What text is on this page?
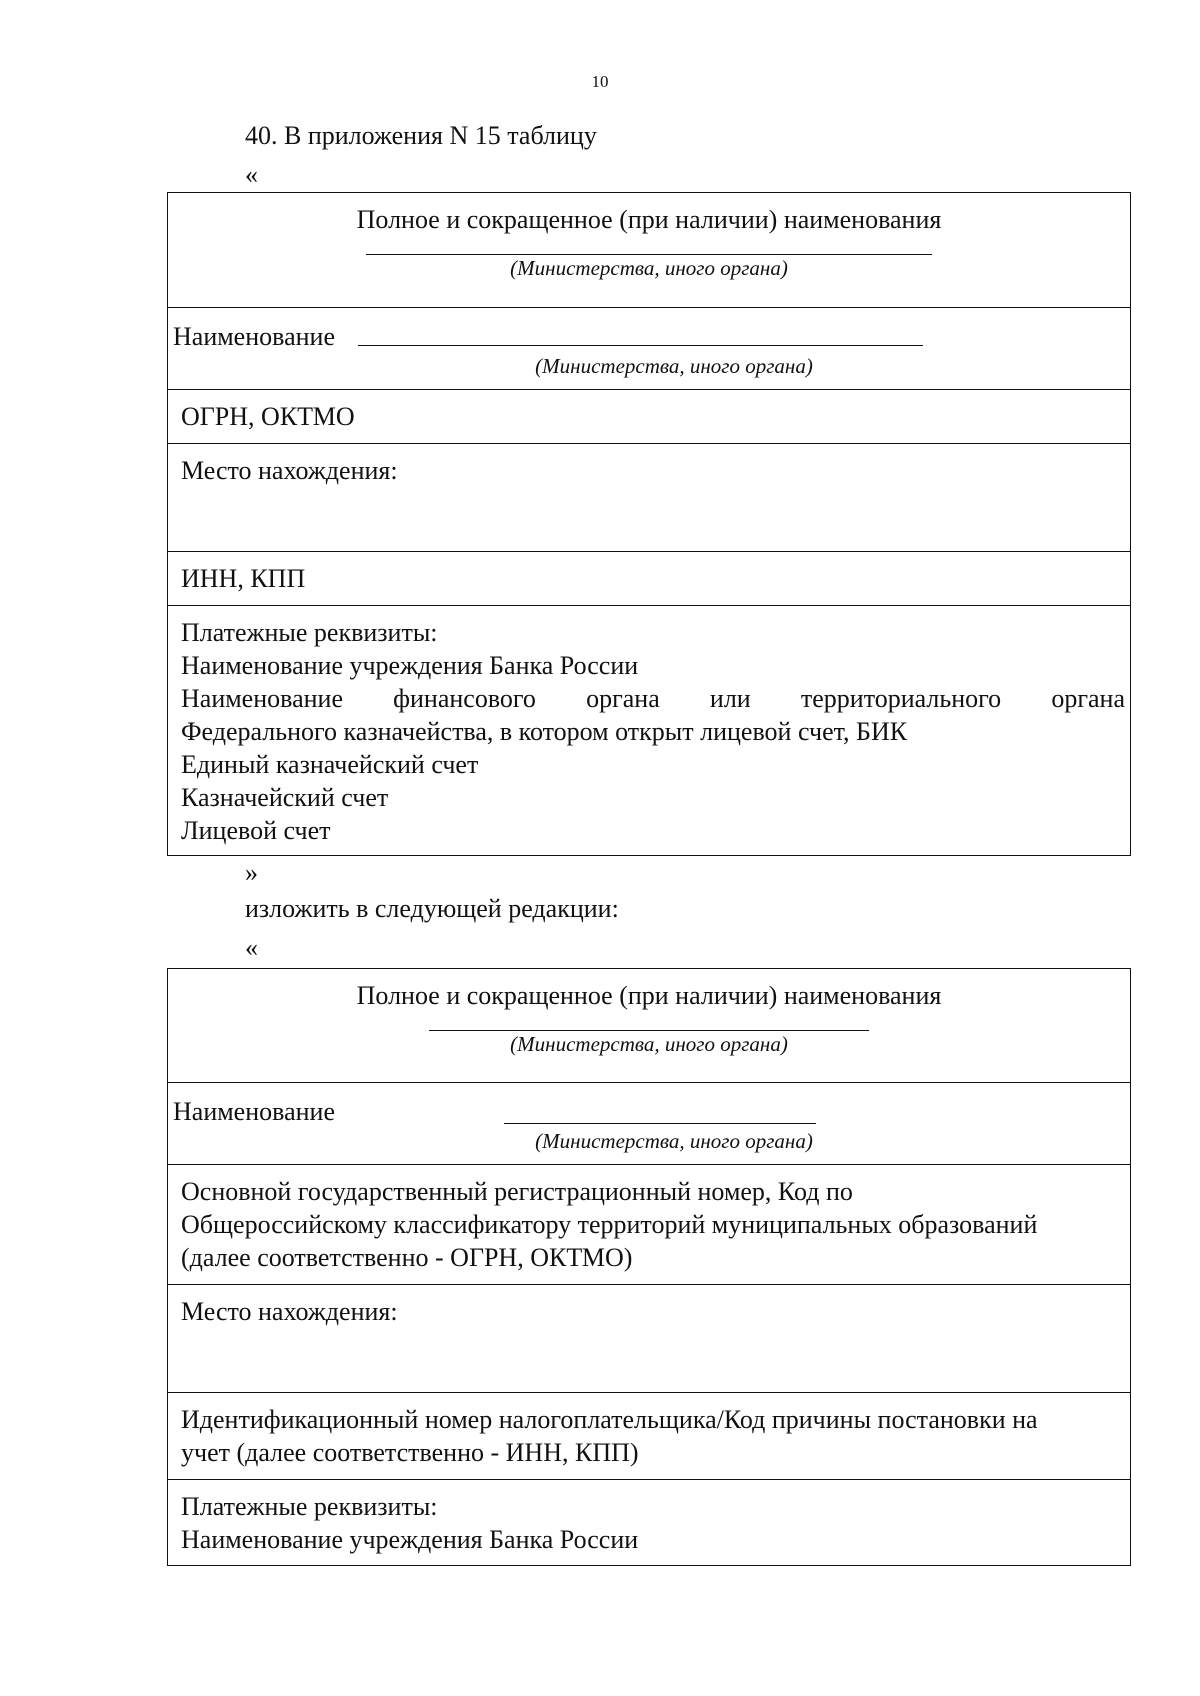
10
40. В приложения N 15 таблицу
«
Полное и сокращенное (при наличии) наименования
(Министерства, иного органа)

Наименование
(Министерства, иного органа)

ОГРН, ОКТМО

Место нахождения:

ИНН, КПП

Платежные реквизиты:
Наименование учреждения Банка России
Наименование финансового органа или территориального органа
Федерального казначейства, в котором открыт лицевой счет, БИК
Единый казначейский счет
Казначейский счет
Лицевой счет
»
изложить в следующей редакции:
«
Полное и сокращенное (при наличии) наименования
(Министерства, иного органа)

Наименование
(Министерства, иного органа)

Основной государственный регистрационный номер, Код по
Общероссийскому классификатору территорий муниципальных образований
(далее соответственно - ОГРН, ОКТМО)

Место нахождения:

Идентификационный номер налогоплательщика/Код причины постановки на
учет (далее соответственно - ИНН, КПП)

Платежные реквизиты:
Наименование учреждения Банка России
